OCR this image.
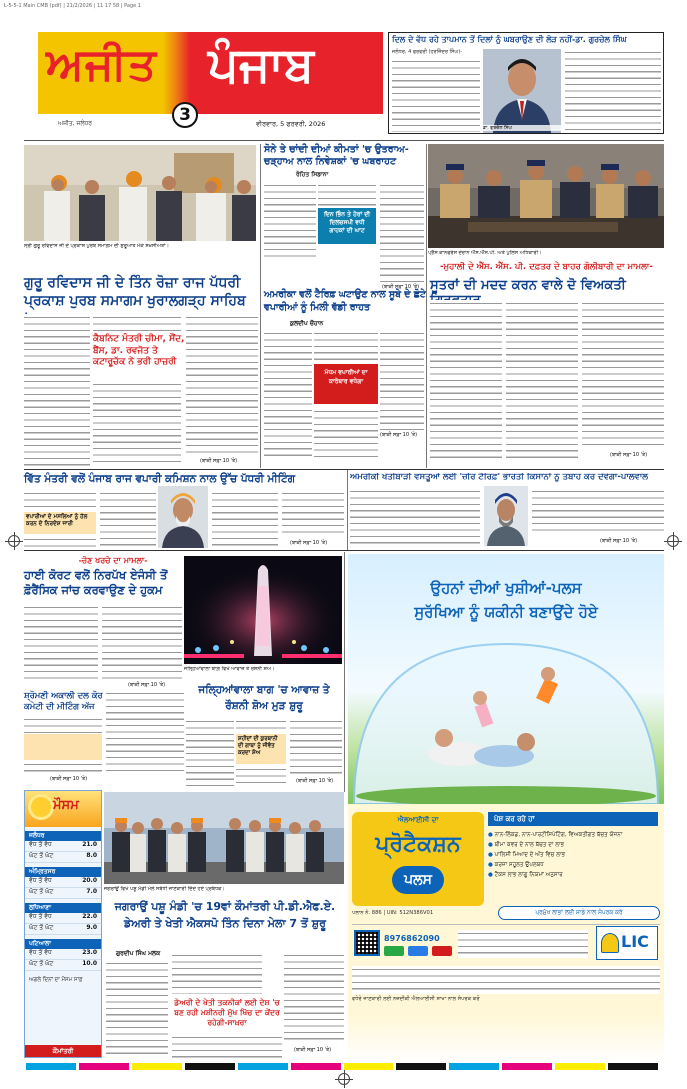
L-5-5-1 Main CMB (pdf) | 21/2/2026 | 11 17 58 | Page 1
ਅਜੀਤ ਪੰਜਾਬ
3
ਅਜੀਤ, ਜਲੰਧਰ	ਵੀਰਵਾਰ, 5 ਫਰਵਰੀ, 2026
ਦਿਲ ਦੇ ਵੱਧ ਰਹੇ ਤਾਪਮਾਨ ਤੋਂ ਦਿਲਾਂ ਨੂੰ ਘਬਰਾਉਣ ਦੀ ਲੋੜ ਨਹੀਂ-ਡਾ. ਗੁਰਚੇਲ ਸਿੰਘ
ਜਲੰਧਰ, 4 ਫਰਵਰੀ (ਹਰਜਿੰਦਰ ਸਿੰਘ)-
ਡਾ. ਗੁਰਚੇਲ ਸਿੰਘ
ਸ੍ਰੀ ਗੁਰੂ ਰਵਿਦਾਸ ਜੀ ਦੇ ਪ੍ਰਕਾਸ਼ ਪੁਰਬ ਸਮਾਗਮ ਦੀ ਸ਼ੁਰੂਆਤ ਮੌਕੇ ਸ਼ਖ਼ਸੀਅਤਾਂ।
ਗੁਰੂ ਰਵਿਦਾਸ ਜੀ ਦੇ ਤਿੰਨ ਰੋਜ਼ਾ ਰਾਜ ਪੱਧਰੀ ਪ੍ਰਕਾਸ਼ ਪੁਰਬ ਸਮਾਗਮ ਖੁਰਾਲਗੜ੍ਹ ਸਾਹਿਬ
ਕੈਬਨਿਟ ਮੰਤਰੀ ਚੀਮਾ, ਸੌਂਦ, ਬੈਂਸ, ਡਾ. ਰਵਜੋਤ ਤੇ ਕਟਾਰੂਚੱਕ ਨੇ ਭਰੀ ਹਾਜ਼ਰੀ
(ਬਾਕੀ ਸਫ਼ਾ 10 'ਤੇ)
ਸੋਨੇ ਤੇ ਚਾਂਦੀ ਦੀਆਂ ਕੀਮਤਾਂ 'ਚ ਉਤਰਾਅ-ਚੜ੍ਹਾਅ ਨਾਲ ਨਿਵੇਸ਼ਕਾਂ 'ਚ ਘਬਰਾਹਟ
ਰੋਹਿਤ ਸਿਡਾਨਾ
ਦਿਨ ਭਿੰਨ ਤੇ ਹੋਰਾਂ ਦੀ ਦਿਲਚਸਪੀ ਵਧੀ ਗਾਹਕਾਂ ਦੀ ਘਾਟ
(ਬਾਕੀ ਸਫ਼ਾ 10 'ਤੇ)
ਅਮਰੀਕਾ ਵਲੋਂ ਟੈਰਿਫ਼ ਘਟਾਉਣ ਨਾਲ ਸੂਬੇ ਦੇ ਛੋਟੇ ਵਪਾਰੀਆਂ ਨੂੰ ਮਿਲੀ ਵੱਡੀ ਰਾਹਤ
ਕੁਲਦੀਪ ਚੌਹਾਨ
ਮੱਧਮ ਵਪਾਰੀਆਂ ਦਾ ਕਾਰੋਬਾਰ ਵਧੇਗਾ
(ਬਾਕੀ ਸਫ਼ਾ 10 'ਤੇ)
ਪ੍ਰੈੱਸ ਕਾਨਫਰੰਸ ਦੌਰਾਨ ਐੱਸ.ਐੱਸ.ਪੀ. ਅਤੇ ਪੁਲਿਸ ਅਧਿਕਾਰੀ।
-ਮੁਹਾਲੀ ਦੇ ਐੱਸ. ਐੱਸ. ਪੀ. ਦਫ਼ਤਰ ਦੇ ਬਾਹਰ ਗੋਲੀਬਾਰੀ ਦਾ ਮਾਮਲਾ-
ਸੂਤਰਾਂ ਦੀ ਮਦਦ ਕਰਨ ਵਾਲੇ ਦੋ ਵਿਅਕਤੀ
(ਬਾਕੀ ਸਫ਼ਾ 10 'ਤੇ)
ਵਿੱਤ ਮੰਤਰੀ ਵਲੋਂ ਪੰਜਾਬ ਰਾਜ ਵਪਾਰੀ ਕਮਿਸ਼ਨ ਨਾਲ ਉੱਚ ਪੱਧਰੀ ਮੀਟਿੰਗ
ਵਪਾਰੀਆਂ ਦੇ ਮਸਲਿਆਂ ਨੂੰ ਹੱਲ ਕਰਨ ਦੇ ਨਿਰਦੇਸ਼ ਜਾਰੀ
(ਬਾਕੀ ਸਫ਼ਾ 10 'ਤੇ)
ਅਮਰੀਕੀ ਖੇਤੀਬਾੜੀ ਵਸਤੂਆਂ ਲਈ 'ਜ਼ੀਰੋ ਟੈਰਿਫ਼' ਭਾਰਤੀ ਕਿਸਾਨਾਂ ਨੂੰ ਤਬਾਹ ਕਰ ਦੇਵੇਗਾ-ਪਾਲਵਾਲ
(ਬਾਕੀ ਸਫ਼ਾ 10 'ਤੇ)
-ਚੋਣ ਖਰਚੇ ਦਾ ਮਾਮਲਾ-
ਹਾਈ ਕੋਰਟ ਵਲੋਂ ਨਿਰਪੱਖ ਏਜੰਸੀ ਤੋਂ ਫ਼ੋਰੈਂਸਿਕ ਜਾਂਚ ਕਰਵਾਉਣ ਦੇ ਹੁਕਮ
(ਬਾਕੀ ਸਫ਼ਾ 10 'ਤੇ)
ਸ਼੍ਰੋਮਣੀ ਅਕਾਲੀ ਦਲ ਕੋਰ ਕਮੇਟੀ ਦੀ ਮੀਟਿੰਗ ਅੱਜ
(ਬਾਕੀ ਸਫ਼ਾ 10 'ਤੇ)
ਜਲ੍ਹਿਆਂਵਾਲਾ ਬਾਗ਼ ਵਿਖੇ ਆਵਾਜ਼ ਤੇ ਰੋਸ਼ਨੀ ਸ਼ੋਅ।
ਜਲ੍ਹਿਆਂਵਾਲਾ ਬਾਗ 'ਚ ਆਵਾਜ਼ ਤੇ ਰੌਸ਼ਨੀ ਸ਼ੋਅ ਮੁੜ ਸ਼ੁਰੂ
ਸ਼ਹੀਦਾਂ ਦੀ ਕੁਰਬਾਨੀ ਦੀ ਗਾਥਾ ਨੂੰ ਜੀਵੰਤ ਕਰਦਾ ਸ਼ੋਅ
(ਬਾਕੀ ਸਫ਼ਾ 10 'ਤੇ)
ਮੌਸਮ
ਜਲੰਧਰ
ਵੱਧ ਤੋਂ ਵੱਧ	21.0
ਘੱਟ ਤੋਂ ਘੱਟ	8.0
ਅੰਮ੍ਰਿਤਸਰ
ਵੱਧ ਤੋਂ ਵੱਧ	20.0
ਘੱਟ ਤੋਂ ਘੱਟ	7.0
ਲੁਧਿਆਣਾ
ਵੱਧ ਤੋਂ ਵੱਧ	22.0
ਘੱਟ ਤੋਂ ਘੱਟ	9.0
ਪਟਿਆਲਾ
ਵੱਧ ਤੋਂ ਵੱਧ	23.0
ਘੱਟ ਤੋਂ ਘੱਟ	10.0
ਅਗਲੇ ਦਿਨਾਂ ਦਾ ਮੌਸਮ ਸਾਫ਼
ਕੌਮਾਂਤਰੀ
ਜਗਰਾਉਂ ਵਿਖੇ ਪਸ਼ੂ ਮੰਡੀ ਮੇਲੇ ਸਬੰਧੀ ਜਾਣਕਾਰੀ ਦਿੰਦੇ ਹੋਏ ਪ੍ਰਬੰਧਕ।
ਜਗਰਾਉਂ ਪਸ਼ੂ ਮੰਡੀ 'ਚ 19ਵਾਂ ਕੌਮਾਂਤਰੀ ਪੀ.ਡੀ.ਐਫ.ਏ. ਡੇਅਰੀ ਤੇ ਖੇਤੀ ਐਕਸਪੋ ਤਿੰਨ ਦਿਨਾ ਮੇਲਾ 7 ਤੋਂ ਸ਼ੁਰੂ
ਗੁਰਦੀਪ ਸਿੰਘ ਮਲਕ
ਡੇਅਰੀ ਦੇ ਖੇਤੀ ਤਕਨੀਕਾਂ ਲਈ ਦੇਸ਼ 'ਚ ਬਣ ਰਹੀ ਮਸ਼ੀਨਰੀ ਮੁੱਖ ਖਿੱਚ ਦਾ ਕੇਂਦਰ ਰਹੇਗੀ-ਸਾਖ਼ਰਾ
(ਬਾਕੀ ਸਫ਼ਾ 10 'ਤੇ)
ਉਹਨਾਂ ਦੀਆਂ ਖੁਸ਼ੀਆਂ-ਪਲਸ
ਸੁਰੱਖਿਆ ਨੂੰ ਯਕੀਨੀ ਬਣਾਉਂਦੇ ਹੋਏ
ਐਲਆਈਸੀ ਦਾ
ਪ੍ਰੋਟੈਕਸ਼ਨ
ਪਲਸ
ਪੇਸ਼ ਕਰ ਰਹੇ ਹਾਂ
● ਨਾਨ-ਲਿੰਕਡ, ਨਾਨ-ਪਾਰਟੀਸਿਪੇਟਿੰਗ, ਵਿਅਕਤੀਗਤ ਬੱਚਤ ਯੋਜਨਾ
● ਬੀਮਾ ਕਵਰ ਦੇ ਨਾਲ ਬੱਚਤ ਦਾ ਲਾਭ
● ਪਾਲਿਸੀ ਮਿਆਦ ਦੇ ਅੰਤ ਵਿਚ ਲਾਭ
● ਕਰਜ਼ਾ ਸਹੂਲਤ ਉਪਲਬਧ
● ਟੈਕਸ ਲਾਭ ਲਾਗੂ ਨਿਯਮਾਂ ਅਨੁਸਾਰ
ਪਲਾਨ ਨੰ. 886 | UIN: 512N386V01	ਪ੍ਰਮੁੱਖ ਲਾਭਾਂ ਲਈ ਸਾਡੇ ਨਾਲ ਸੰਪਰਕ ਕਰੋ
8976862090	LIC
ਵਧੇਰੇ ਜਾਣਕਾਰੀ ਲਈ ਨਜ਼ਦੀਕੀ ਐਲਆਈਸੀ ਸ਼ਾਖਾ ਨਾਲ ਸੰਪਰਕ ਕਰੋ
